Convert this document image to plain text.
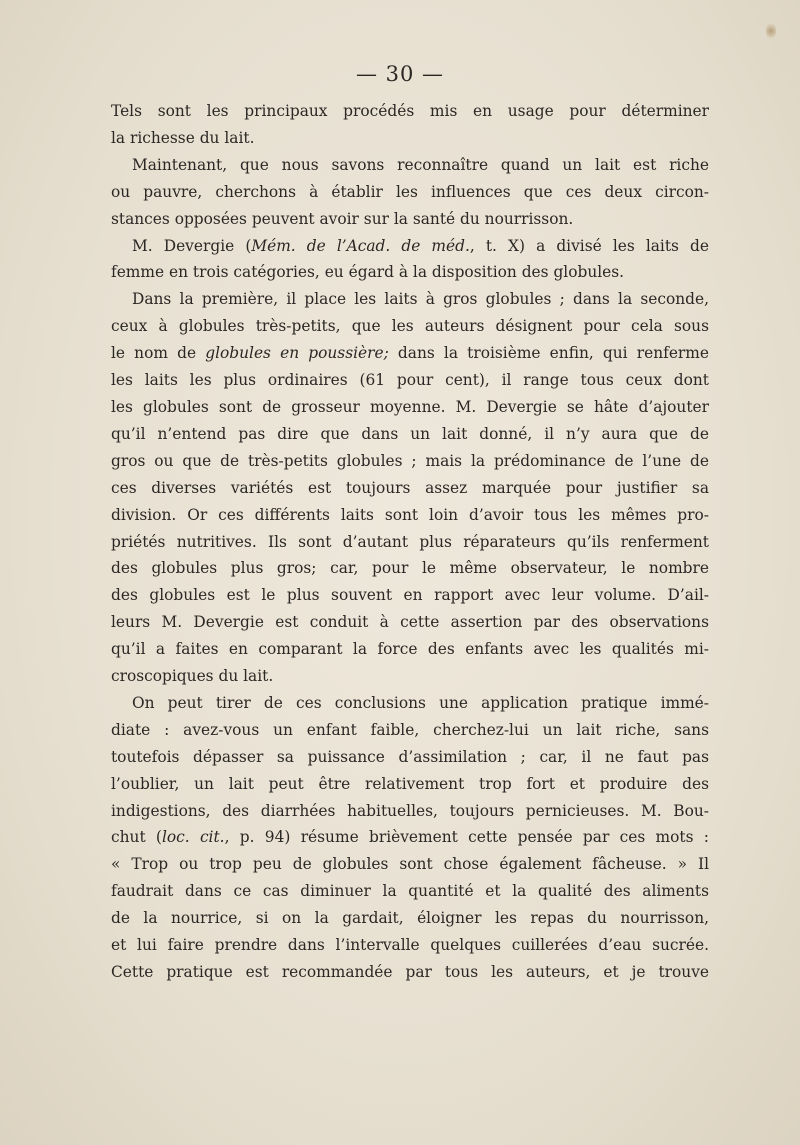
— 30 —
Tels sont les principaux procédés mis en usage pour déterminer
la richesse du lait.
Maintenant, que nous savons reconnaître quand un lait est riche
ou pauvre, cherchons à établir les influences que ces deux circon-
stances opposées peuvent avoir sur la santé du nourrisson.
M. Devergie (Mém. de l’Acad. de méd., t. X) a divisé les laits de
femme en trois catégories, eu égard à la disposition des globules.
Dans la première, il place les laits à gros globules ; dans la seconde,
ceux à globules très-petits, que les auteurs désignent pour cela sous
le nom de globules en poussière; dans la troisième enfin, qui renferme
les laits les plus ordinaires (61 pour cent), il range tous ceux dont
les globules sont de grosseur moyenne. M. Devergie se hâte d’ajouter
qu’il n’entend pas dire que dans un lait donné, il n’y aura que de
gros ou que de très-petits globules ; mais la prédominance de l’une de
ces diverses variétés est toujours assez marquée pour justifier sa
division. Or ces différents laits sont loin d’avoir tous les mêmes pro-
priétés nutritives. Ils sont d’autant plus réparateurs qu’ils renferment
des globules plus gros; car, pour le même observateur, le nombre
des globules est le plus souvent en rapport avec leur volume. D’ail-
leurs M. Devergie est conduit à cette assertion par des observations
qu’il a faites en comparant la force des enfants avec les qualités mi-
croscopiques du lait.
On peut tirer de ces conclusions une application pratique immé-
diate : avez-vous un enfant faible, cherchez-lui un lait riche, sans
toutefois dépasser sa puissance d’assimilation ; car, il ne faut pas
l’oublier, un lait peut être relativement trop fort et produire des
indigestions, des diarrhées habituelles, toujours pernicieuses. M. Bou-
chut (loc. cit., p. 94) résume brièvement cette pensée par ces mots :
« Trop ou trop peu de globules sont chose également fâcheuse. » Il
faudrait dans ce cas diminuer la quantité et la qualité des aliments
de la nourrice, si on la gardait, éloigner les repas du nourrisson,
et lui faire prendre dans l’intervalle quelques cuillerées d’eau sucrée.
Cette pratique est recommandée par tous les auteurs, et je trouve
